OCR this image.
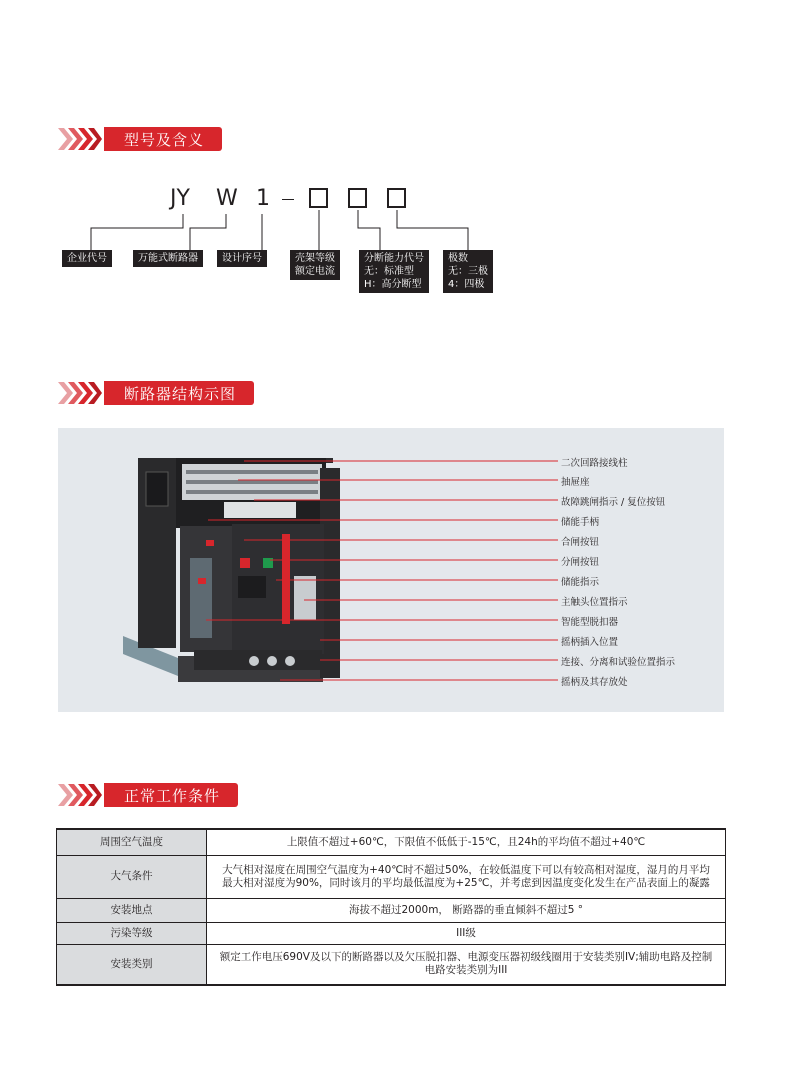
型号及含义
JY W 1
企业代号	万能式断路器	设计序号	壳架等级
额定电流
分断能力代号
无：标准型
H：高分断型
极数
无：三极
4：四极
断路器结构示图
二次回路接线柱
抽屉座
故障跳闸指示 / 复位按钮
储能手柄
合闸按钮
分闸按钮
储能指示
主触头位置指示
智能型脱扣器
摇柄插入位置
连接、分离和试验位置指示
摇柄及其存放处
正常工作条件
周围空气温度	上限值不超过+60℃，下限值不低低于-15℃，且24h的平均值不超过+40℃

大气条件	大气相对湿度在周围空气温度为+40℃时不超过50%，在较低温度下可以有较高相对湿度，湿月的月平均
最大相对湿度为90%，同时该月的平均最低温度为+25℃，并考虑到因温度变化发生在产品表面上的凝露

安装地点	海拔不超过2000m， 断路器的垂直倾斜不超过5 °

污染等级	III级

安装类别	额定工作电压690V及以下的断路器以及欠压脱扣器、电源变压器初级线圈用于安装类别ⅠV;辅助电路及控制
电路安装类别为III
